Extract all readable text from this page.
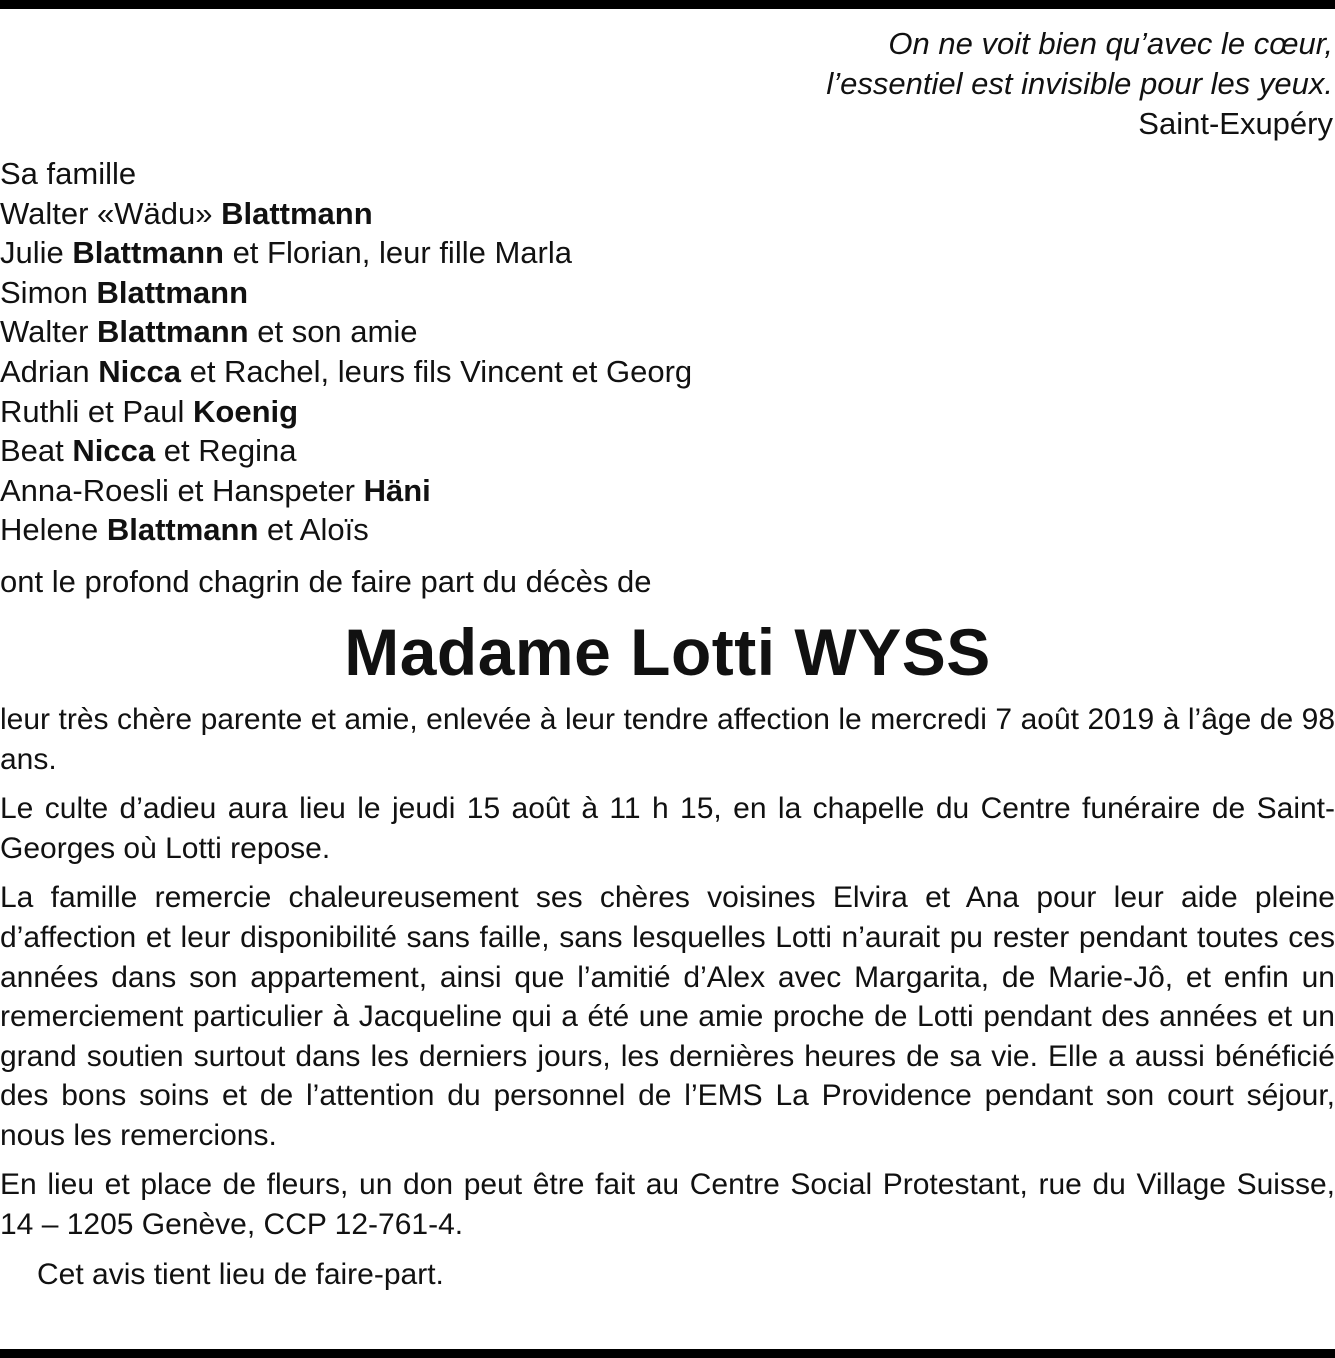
On ne voit bien qu’avec le cœur,
l’essentiel est invisible pour les yeux.
Saint-Exupéry
Sa famille
Walter «Wädu» Blattmann
Julie Blattmann et Florian, leur fille Marla
Simon Blattmann
Walter Blattmann et son amie
Adrian Nicca et Rachel, leurs fils Vincent et Georg
Ruthli et Paul Koenig
Beat Nicca et Regina
Anna-Roesli et Hanspeter Häni
Helene Blattmann et Aloïs
ont le profond chagrin de faire part du décès de
Madame Lotti WYSS

leur très chère parente et amie, enlevée à leur tendre affection le mercredi 7 août 2019 à l’âge de 98 ans.

Le culte d’adieu aura lieu le jeudi 15 août à 11 h 15, en la chapelle du Centre funéraire de Saint-Georges où Lotti repose.

La famille remercie chaleureusement ses chères voisines Elvira et Ana pour leur aide pleine d’affection et leur disponibilité sans faille, sans lesquelles Lotti n’aurait pu rester pendant toutes ces années dans son appartement, ainsi que l’amitié d’Alex avec Margarita, de Marie-Jô, et enfin un remerciement particulier à Jacqueline qui a été une amie proche de Lotti pendant des années et un grand soutien surtout dans les derniers jours, les dernières heures de sa vie. Elle a aussi bénéficié des bons soins et de l’attention du personnel de l’EMS La Providence pendant son court séjour, nous les remercions.

En lieu et place de fleurs, un don peut être fait au Centre Social Protestant, rue du Village Suisse, 14 – 1205 Genève, CCP 12-761-4.

Cet avis tient lieu de faire-part.
